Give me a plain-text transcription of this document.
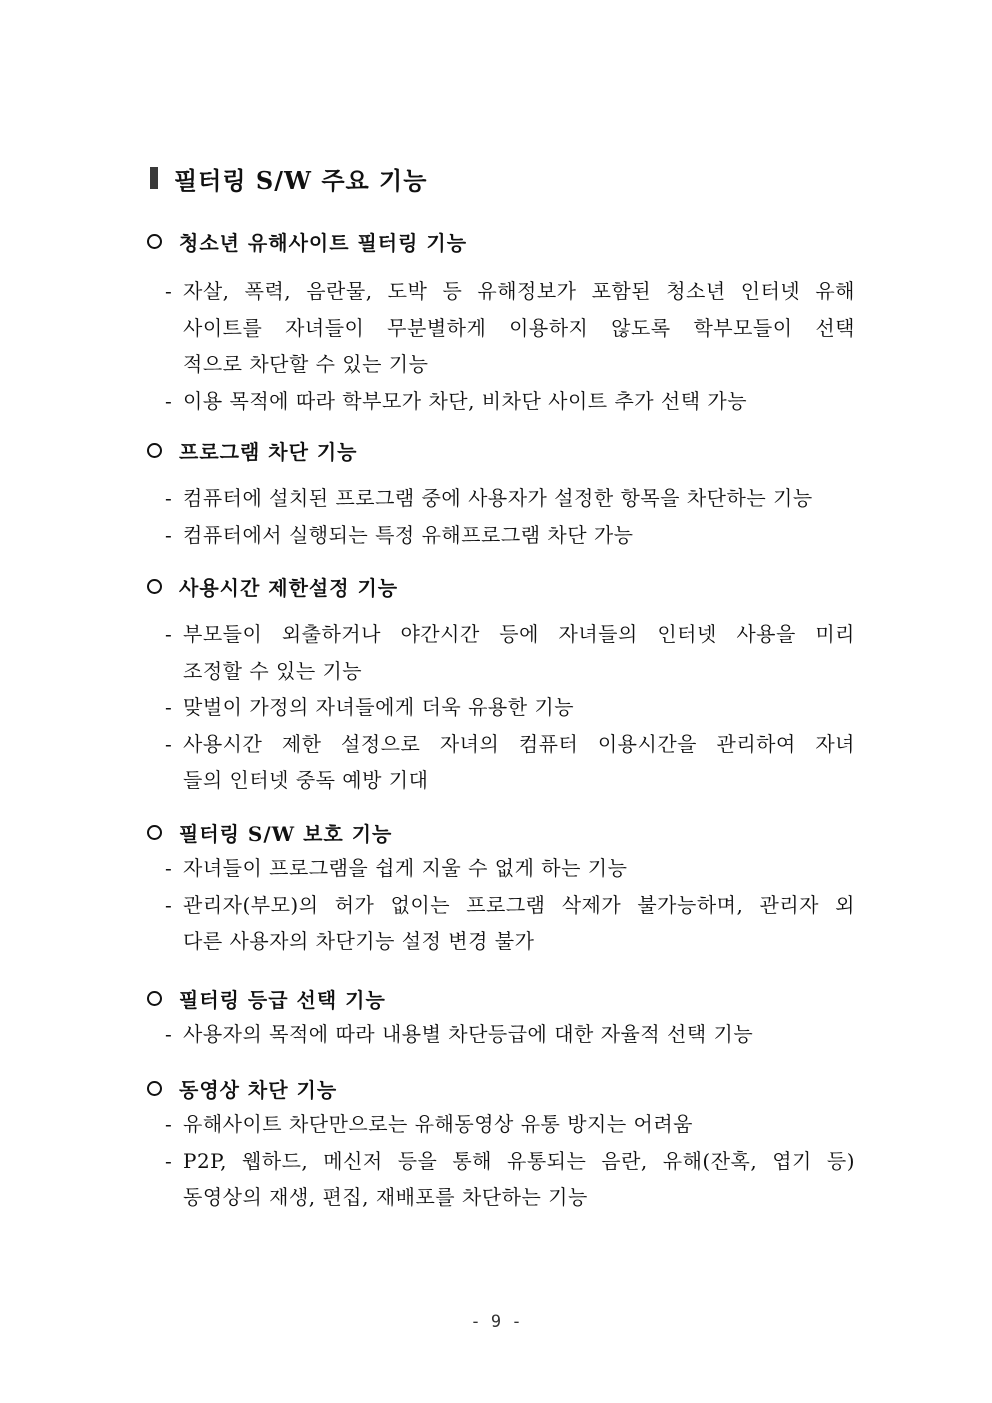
필터링 S/W 주요 기능
청소년 유해사이트 필터링 기능
- 자살, 폭력, 음란물, 도박 등 유해정보가 포함된 청소년 인터넷 유해
사이트를 자녀들이 무분별하게 이용하지 않도록 학부모들이 선택
적으로 차단할 수 있는 기능
- 이용 목적에 따라 학부모가 차단, 비차단 사이트 추가 선택 가능
프로그램 차단 기능
- 컴퓨터에 설치된 프로그램 중에 사용자가 설정한 항목을 차단하는 기능
- 컴퓨터에서 실행되는 특정 유해프로그램 차단 가능
사용시간 제한설정 기능
- 부모들이 외출하거나 야간시간 등에 자녀들의 인터넷 사용을 미리
조정할 수 있는 기능
- 맞벌이 가정의 자녀들에게 더욱 유용한 기능
- 사용시간 제한 설정으로 자녀의 컴퓨터 이용시간을 관리하여 자녀
들의 인터넷 중독 예방 기대
필터링 S/W 보호 기능
- 자녀들이 프로그램을 쉽게 지울 수 없게 하는 기능
- 관리자(부모)의 허가 없이는 프로그램 삭제가 불가능하며, 관리자 외
다른 사용자의 차단기능 설정 변경 불가
필터링 등급 선택 기능
- 사용자의 목적에 따라 내용별 차단등급에 대한 자율적 선택 기능
동영상 차단 기능
- 유해사이트 차단만으로는 유해동영상 유통 방지는 어려움
- P2P, 웹하드, 메신저 등을 통해 유통되는 음란, 유해(잔혹, 엽기 등)
동영상의 재생, 편집, 재배포를 차단하는 기능
- 9 -
